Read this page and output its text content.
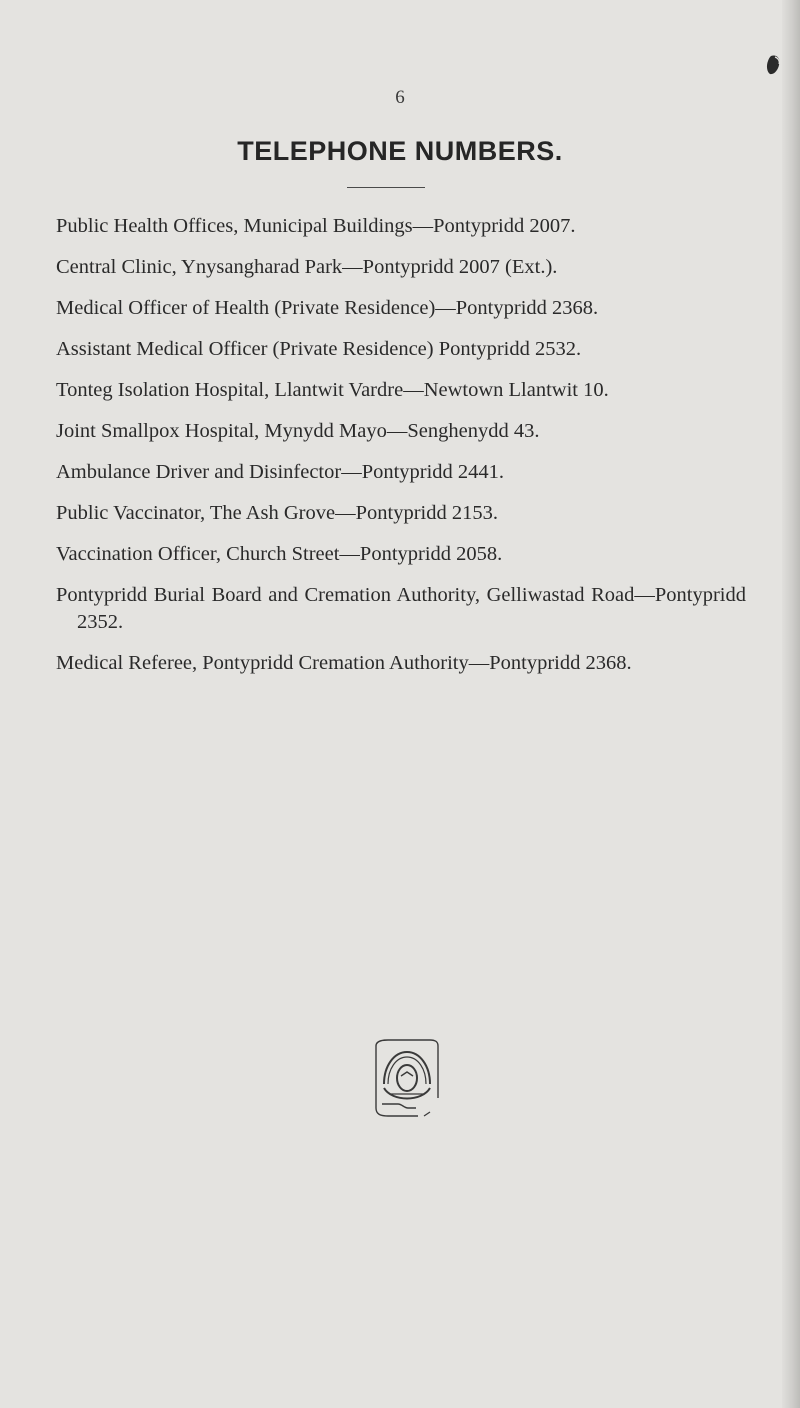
6

TELEPHONE NUMBERS.
Public Health Offices, Municipal Buildings—Pontypridd 2007.
Central Clinic, Ynysangharad Park—Pontypridd 2007 (Ext.).
Medical Officer of Health (Private Residence)—Pontypridd 2368.
Assistant Medical Officer (Private Residence) Pontypridd 2532.
Tonteg Isolation Hospital, Llantwit Vardre—Newtown Llantwit 10.
Joint Smallpox Hospital, Mynydd Mayo—Senghenydd 43.
Ambulance Driver and Disinfector—Pontypridd 2441.
Public Vaccinator, The Ash Grove—Pontypridd 2153.
Vaccination Officer, Church Street—Pontypridd 2058.
Pontypridd Burial Board and Cremation Authority, Gelliwastad Road—Pontypridd 2352.
Medical Referee, Pontypridd Cremation Authority—Pontypridd 2368.
